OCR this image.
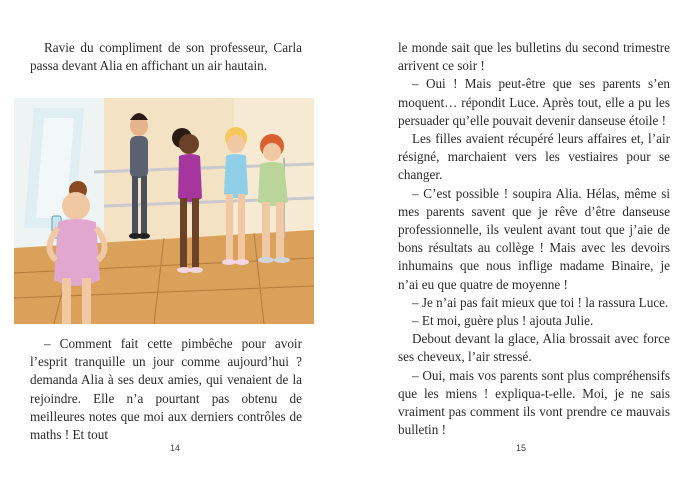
Ravie du compliment de son professeur, Carla passa devant Alia en affichant un air hautain.

– Comment fait cette pimbêche pour avoir l’esprit tranquille un jour comme aujourd’hui ? demanda Alia à ses deux amies, qui venaient de la rejoindre. Elle n’a pourtant pas obtenu de meilleures notes que moi aux derniers contrôles de maths ! Et tout

14

le monde sait que les bulletins du second trimestre arrivent ce soir !

– Oui ! Mais peut-être que ses parents s’en moquent… répondit Luce. Après tout, elle a pu les persuader qu’elle pouvait devenir danseuse étoile !

Les filles avaient récupéré leurs affaires et, l’air résigné, marchaient vers les vestiaires pour se changer.

– C’est possible ! soupira Alia. Hélas, même si mes parents savent que je rêve d’être danseuse professionnelle, ils veulent avant tout que j’aie de bons résultats au collège ! Mais avec les devoirs inhumains que nous inflige madame Binaire, je n’ai eu que quatre de moyenne !

– Je n’ai pas fait mieux que toi ! la rassura Luce.

– Et moi, guère plus ! ajouta Julie.

Debout devant la glace, Alia brossait avec force ses cheveux, l’air stressé.

– Oui, mais vos parents sont plus compréhensifs que les miens ! expliqua-t-elle. Moi, je ne sais vraiment pas comment ils vont prendre ce mauvais bulletin !

15
